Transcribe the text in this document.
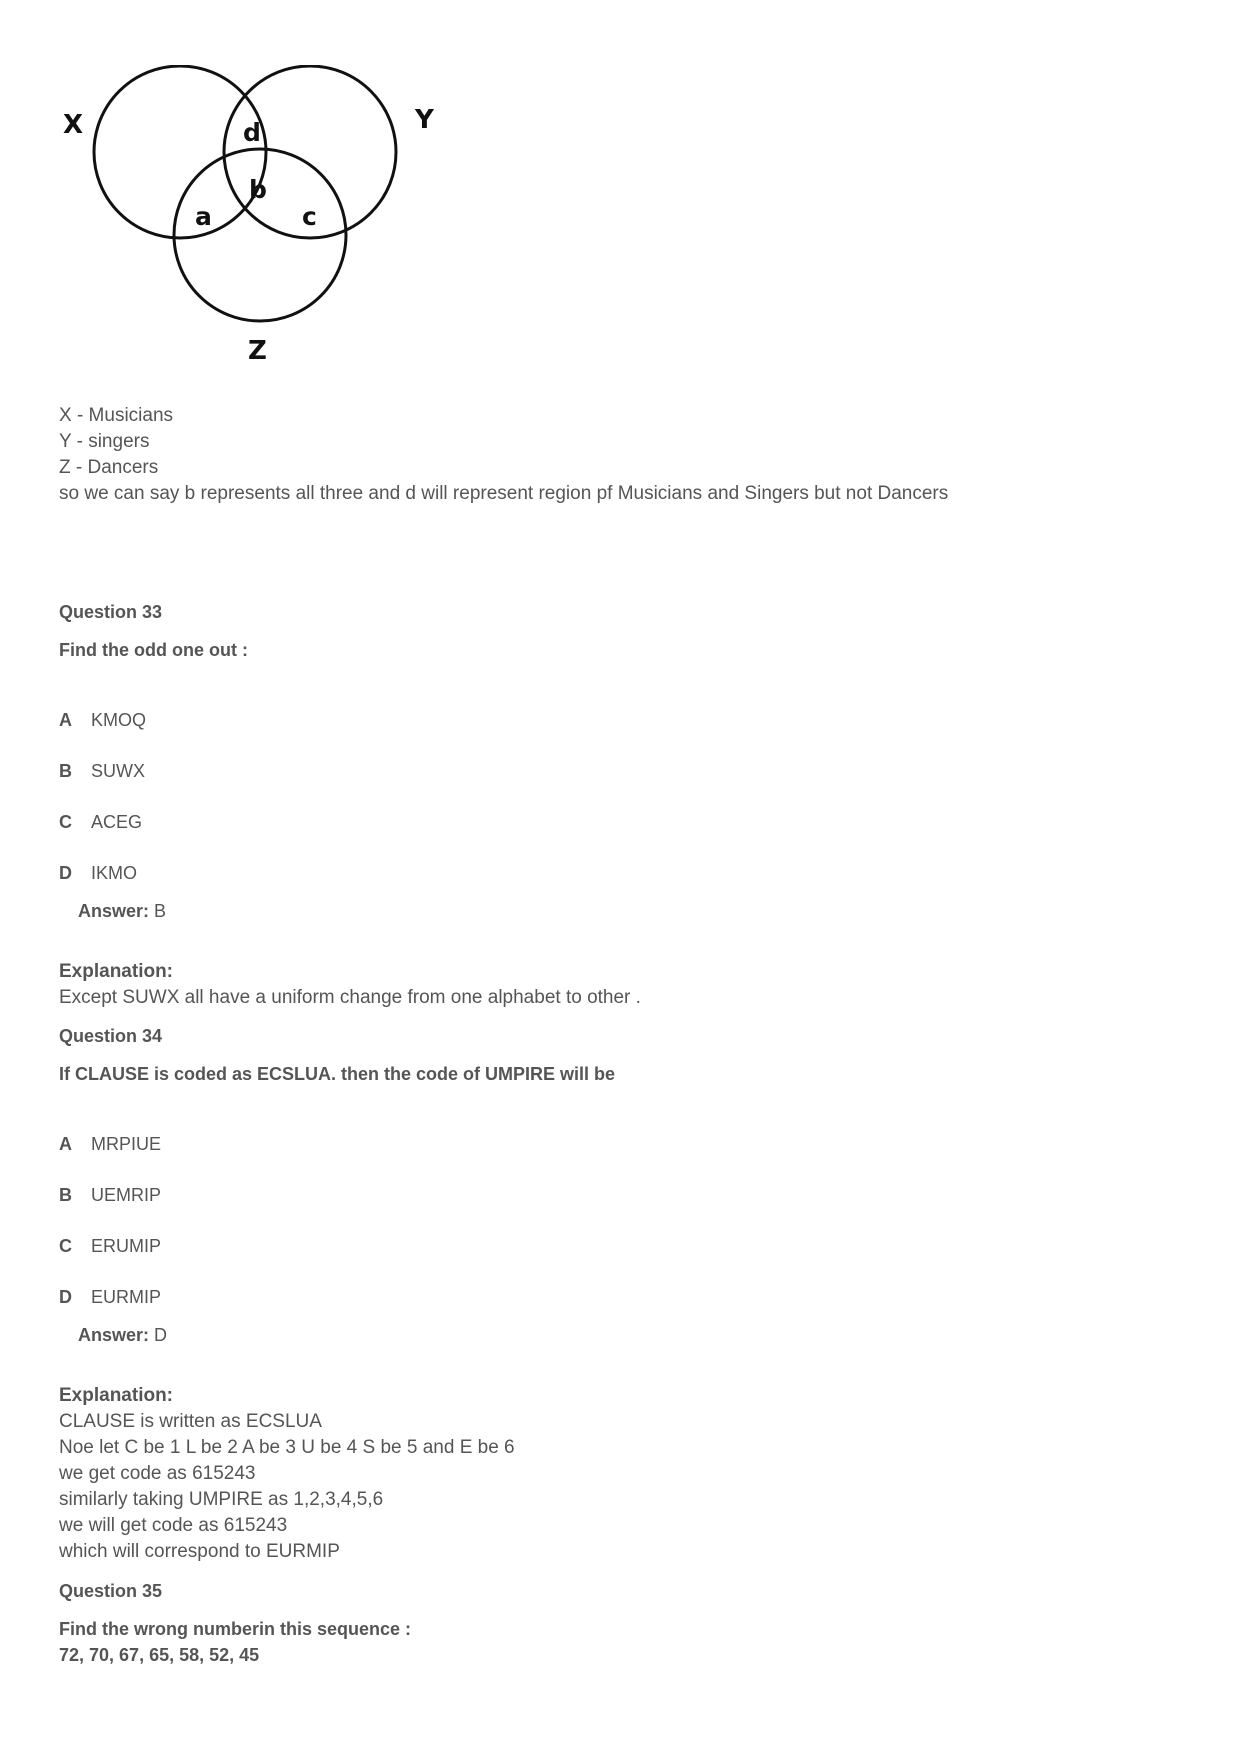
X	Y
Z
d
b
a	c
X - Musicians
Y - singers
Z - Dancers
so we can say b represents all three and d will represent region pf Musicians and Singers but not Dancers
Question 33
Find the odd one out :
A KMOQ
B SUWX
C ACEG
D IKMO
Answer: B
Explanation:
Except SUWX all have a uniform change from one alphabet to other .
Question 34
If CLAUSE is coded as ECSLUA. then the code of UMPIRE will be
A MRPIUE
B UEMRIP
C ERUMIP
D EURMIP
Answer: D
Explanation:
CLAUSE is written as ECSLUA
Noe let C be 1 L be 2 A be 3 U be 4 S be 5 and E be 6
we get code as 615243
similarly taking UMPIRE as 1,2,3,4,5,6
we will get code as 615243
which will correspond to EURMIP
Question 35
Find the wrong numberin this sequence :
72, 70, 67, 65, 58, 52, 45
